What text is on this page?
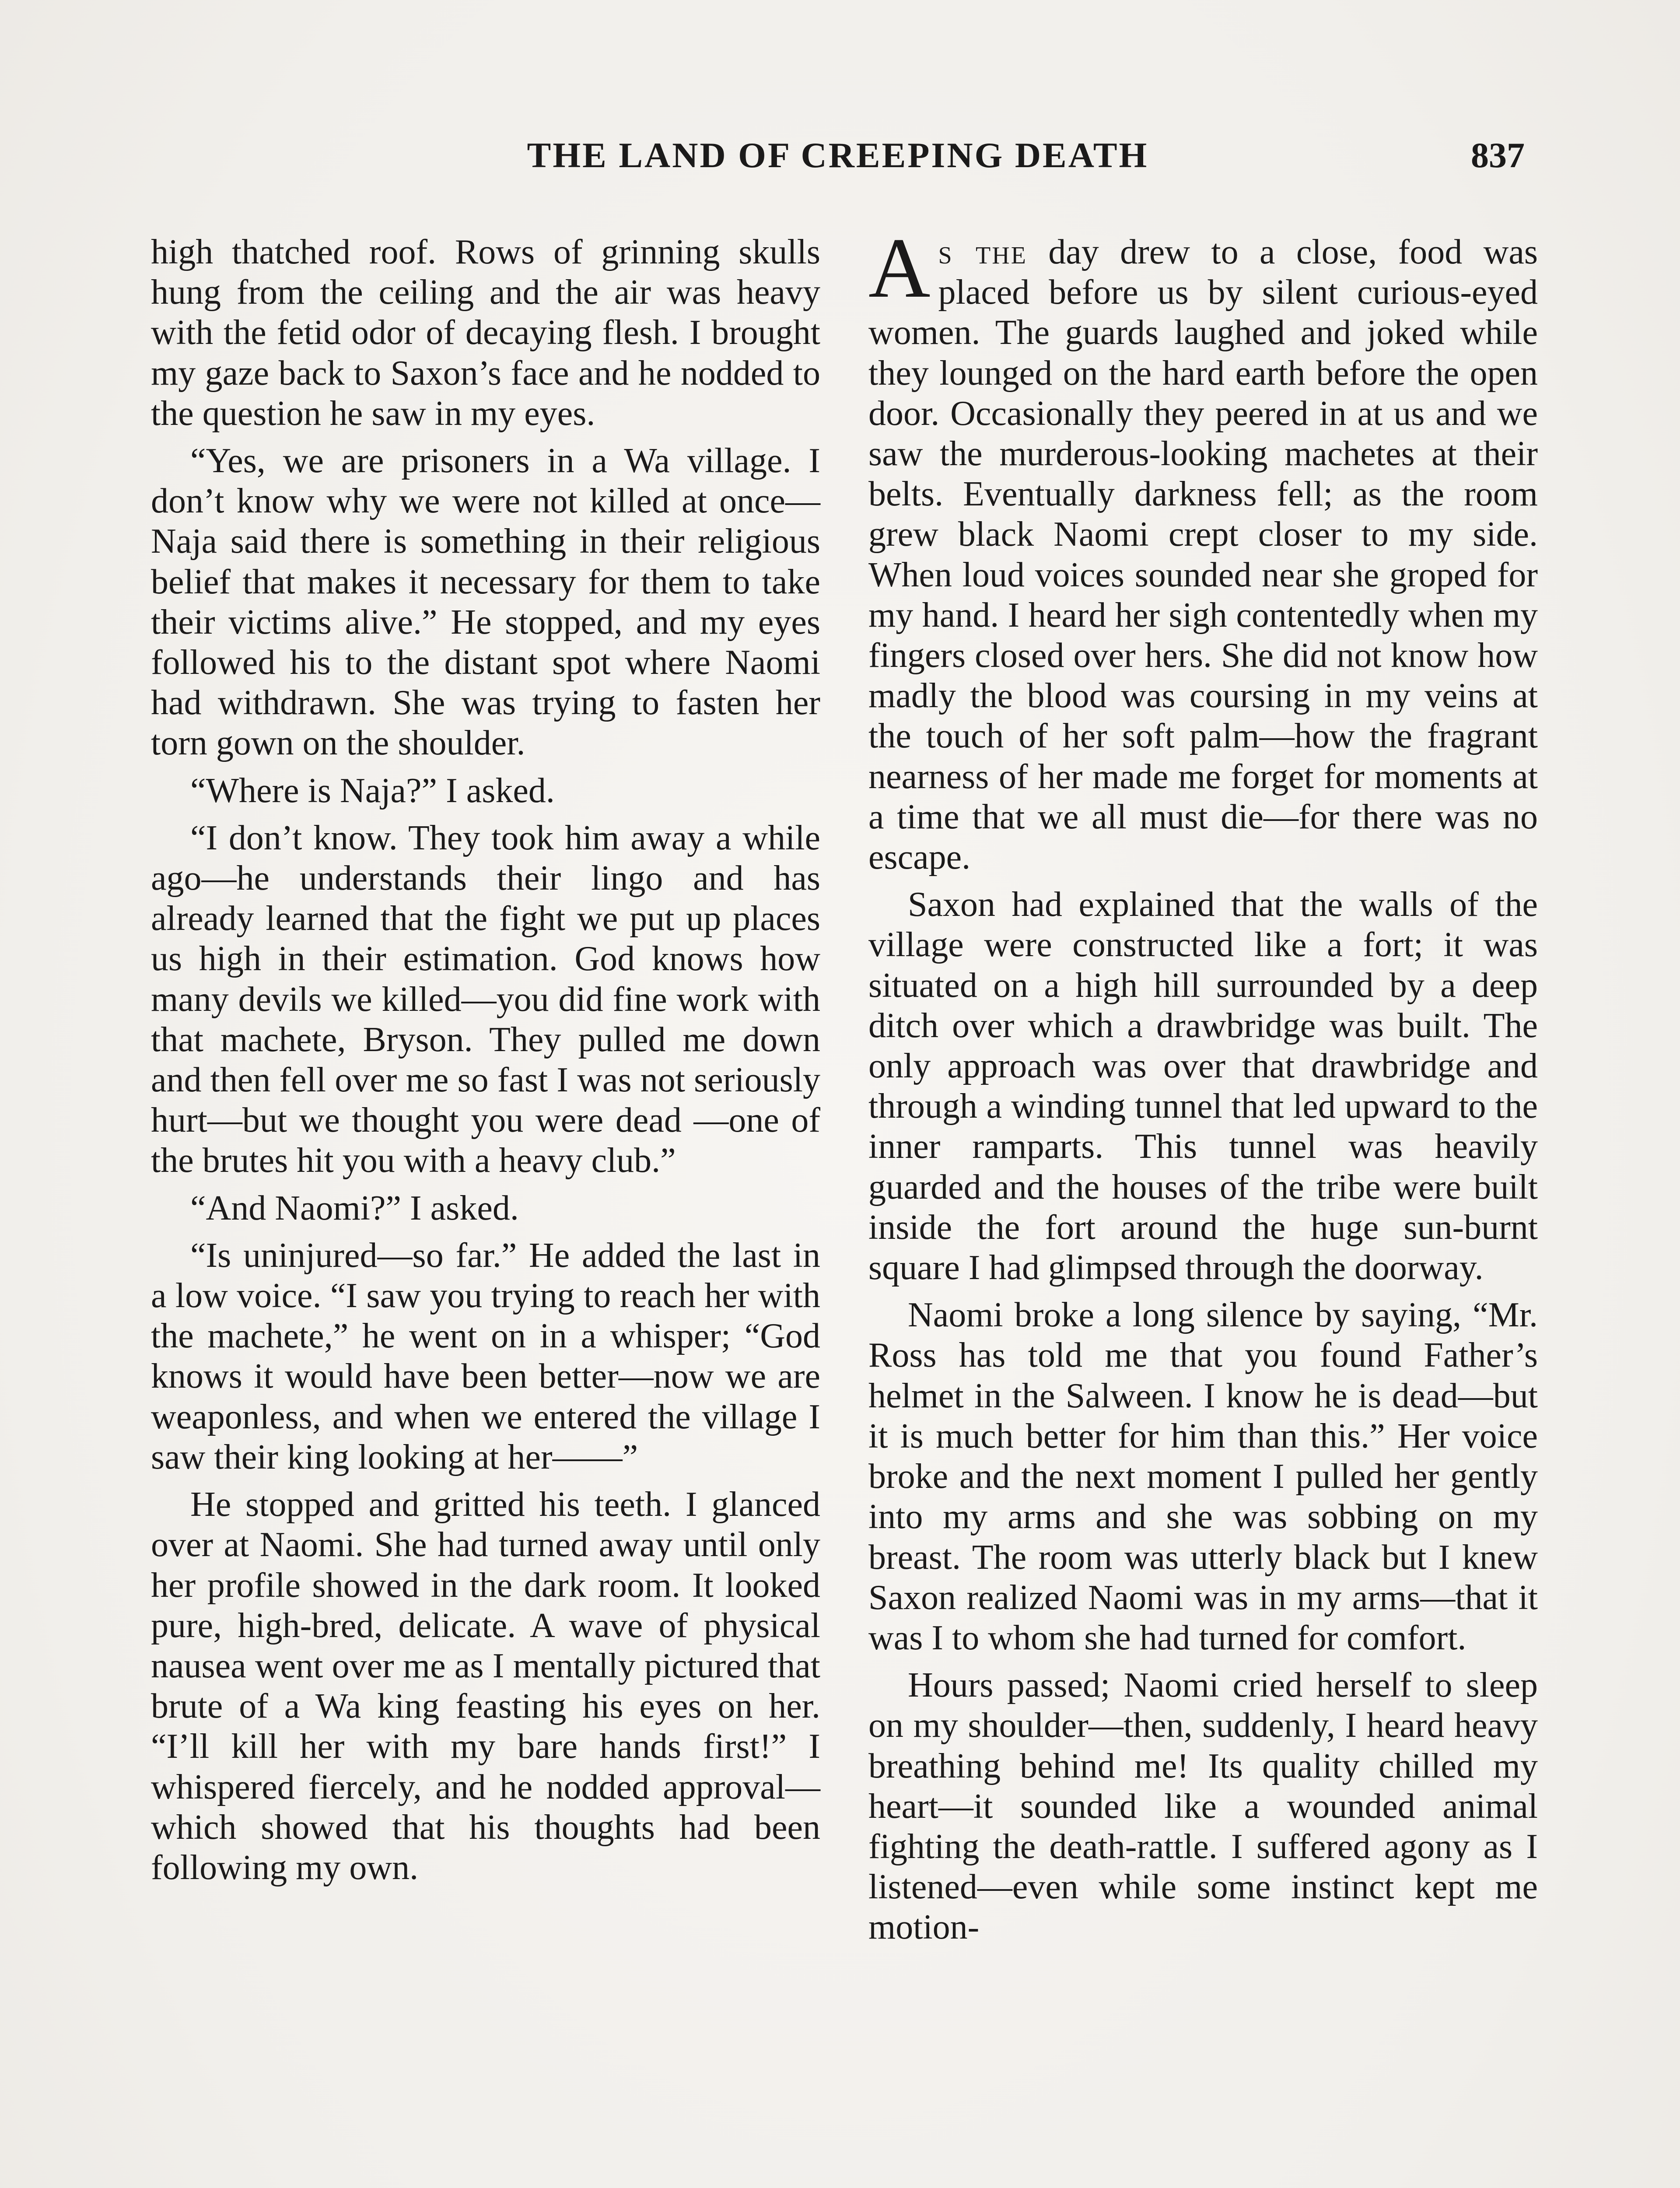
THE LAND OF CREEPING DEATH	837

high thatched roof. Rows of grinning skulls hung from the ceiling and the air was heavy with the fetid odor of decaying flesh. I brought my gaze back to Saxon’s face and he nodded to the question he saw in my eyes.

“Yes, we are prisoners in a Wa village. I don’t know why we were not killed at once—Naja said there is something in their religious belief that makes it necessary for them to take their victims alive.” He stopped, and my eyes followed his to the distant spot where Naomi had withdrawn. She was trying to fasten her torn gown on the shoulder.

“Where is Naja?” I asked.

“I don’t know. They took him away a while ago—he understands their lingo and has already learned that the fight we put up places us high in their estimation. God knows how many devils we killed—you did fine work with that machete, Bryson. They pulled me down and then fell over me so fast I was not seriously hurt—but we thought you were dead —one of the brutes hit you with a heavy club.”

“And Naomi?” I asked.

“Is uninjured—so far.” He added the last in a low voice. “I saw you trying to reach her with the machete,” he went on in a whisper; “God knows it would have been better—now we are weaponless, and when we entered the village I saw their king looking at her——”

He stopped and gritted his teeth. I glanced over at Naomi. She had turned away until only her profile showed in the dark room. It looked pure, high-bred, delicate. A wave of physical nausea went over me as I mentally pictured that brute of a Wa king feasting his eyes on her. “I’ll kill her with my bare hands first!” I whispered fiercely, and he nodded approval—which showed that his thoughts had been following my own.

As the day drew to a close, food was placed before us by silent curious-eyed women. The guards laughed and joked while they lounged on the hard earth before the open door. Occasionally they peered in at us and we saw the murderous-looking machetes at their belts. Eventually darkness fell; as the room grew black Naomi crept closer to my side. When loud voices sounded near she groped for my hand. I heard her sigh contentedly when my fingers closed over hers. She did not know how madly the blood was coursing in my veins at the touch of her soft palm—how the fragrant nearness of her made me forget for moments at a time that we all must die—for there was no escape.

Saxon had explained that the walls of the village were constructed like a fort; it was situated on a high hill surrounded by a deep ditch over which a drawbridge was built. The only approach was over that drawbridge and through a winding tunnel that led upward to the inner ramparts. This tunnel was heavily guarded and the houses of the tribe were built inside the fort around the huge sun-burnt square I had glimpsed through the doorway.

Naomi broke a long silence by saying, “Mr. Ross has told me that you found Father’s helmet in the Salween. I know he is dead—but it is much better for him than this.” Her voice broke and the next moment I pulled her gently into my arms and she was sobbing on my breast. The room was utterly black but I knew Saxon realized Naomi was in my arms—that it was I to whom she had turned for comfort.

Hours passed; Naomi cried herself to sleep on my shoulder—then, suddenly, I heard heavy breathing behind me! Its quality chilled my heart—it sounded like a wounded animal fighting the death-rattle. I suffered agony as I listened—even while some instinct kept me motion-
